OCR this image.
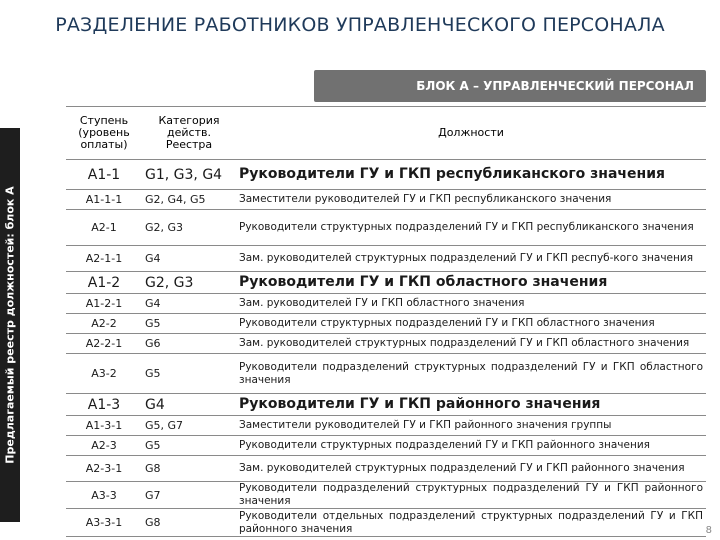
РАЗДЕЛЕНИЕ РАБОТНИКОВ УПРАВЛЕНЧЕСКОГО ПЕРСОНАЛА
Предлагаемый реестр должностей: блок А
БЛОК А – УПРАВЛЕНЧЕСКИЙ ПЕРСОНАЛ
Ступень (уровень оплаты)	Категория действ. Реестра	Должности
А1-1	G1, G3, G4	Руководители ГУ и ГКП республиканского значения
А1-1-1	G2, G4, G5	Заместители руководителей ГУ и ГКП республиканского значения
А2-1	G2, G3	Руководители структурных подразделений ГУ и ГКП республиканского значения
А2-1-1	G4	Зам. руководителей структурных подразделений ГУ и ГКП респуб-кого значения
А1-2	G2, G3	Руководители ГУ и ГКП областного значения
А1-2-1	G4	Зам. руководителей ГУ и ГКП областного значения
А2-2	G5	Руководители структурных подразделений ГУ и ГКП областного значения
А2-2-1	G6	Зам. руководителей структурных подразделений ГУ и ГКП областного значения
А3-2	G5	Руководители подразделений структурных подразделений ГУ и ГКП областного значения
А1-3	G4	Руководители ГУ и ГКП районного значения
А1-3-1	G5, G7	Заместители руководителей ГУ и ГКП районного значения группы
А2-3	G5	Руководители структурных подразделений ГУ и ГКП районного значения
А2-3-1	G8	Зам. руководителей структурных подразделений ГУ и ГКП районного значения
А3-3	G7	Руководители подразделений структурных подразделений ГУ и ГКП районного значения
А3-3-1	G8	Руководители отдельных подразделений структурных подразделений ГУ и ГКП районного значения	8
